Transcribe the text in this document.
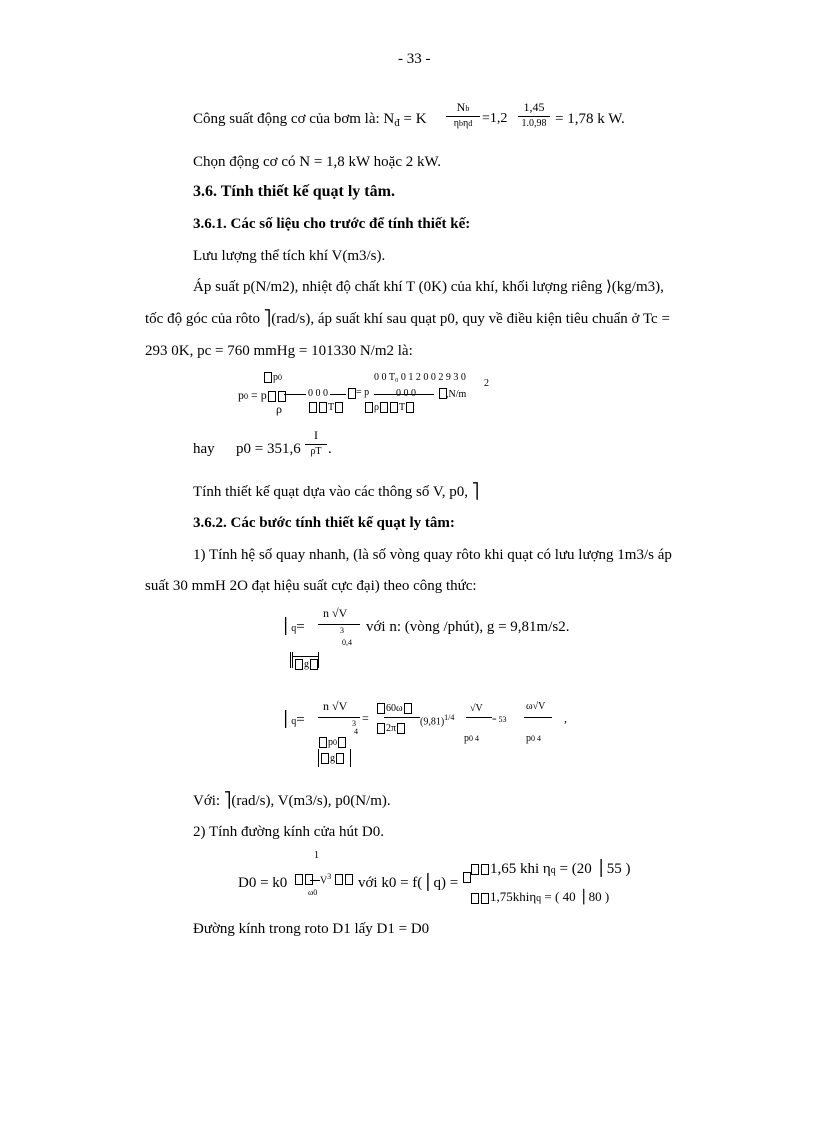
- 33 -
Công suất động cơ của bơm là: $N_đ = K$
Nb
ηbηđ =1,2
1,45
1.0,98 = 1,78 k W.
Chọn động cơ có N = 1,8 kW hoặc 2 kW.
3.6. Tính thiết kế quạt ly tâm.
3.6.1. Các số liệu cho trước để tính thiết kế:
Lưu lượng thể tích khí V(m3/s).
Áp suất p(N/m2), nhiệt độ chất khí T (0K) của khí, khối lượng riêng ⟩(kg/m3),
tốc độ góc của rôto ⎤(rad/s), áp suất khí sau quạt p0, quy về điều kiện tiêu chuẩn ở Tc =
293 0K, pc = 760 mmHg = 101330 N/m2 là:
p0
p0 = p	0 0 0	= p
0 0 T₀ 0 1 2 0 0 2 9 3 0
0 0 0	,N/m
2
ρ	T	ρ T
hay p0 = 351,6
I
ρT .
Tính thiết kế quạt dựa vào các thông số V, p0, ⎤
3.6.2. Các bước tính thiết kế quạt ly tâm:
1) Tính hệ số quay nhanh, (là số vòng quay rôto khi quạt có lưu lượng 1m3/s áp
suất 30 mmH 2O đạt hiệu suất cực đại) theo công thức:
⎪q=
n √V
3
0,4
g
với n: (vòng /phút), g = 9,81m/s2.
⎪q=
n √V
3
4
p0
g
=
60ω
2π
$(9,81)^{1/4}$
√V
p0 4
= 53
ω√V
p0 4
,
Với: ⎤(rad/s), V(m3/s), p0(N/m).
2) Tính đường kính cửa hút D0.
1
D0 = k0	$V^3$
ω0
với k0 = f(⎪q) =
1,65 khi ηq = (20 ⎪55 )
1,75khiηq = ( 40 ⎪80 )
Đường kính trong roto D1 lấy D1 = D0
